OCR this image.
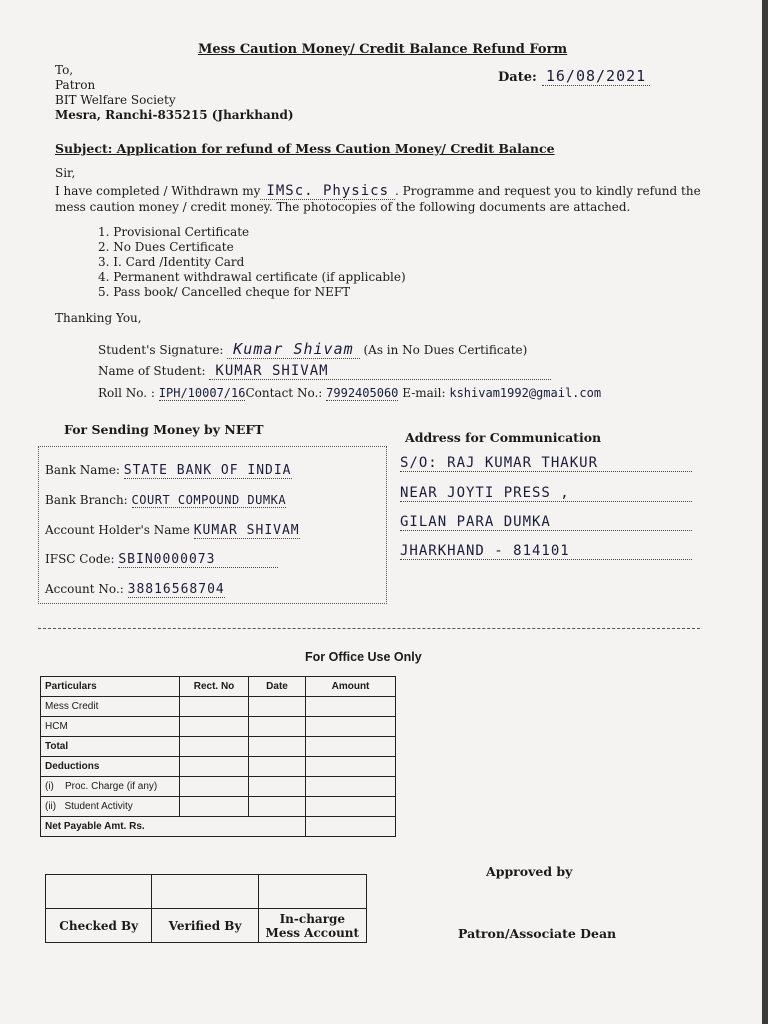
Mess Caution Money/ Credit Balance Refund Form
To,
Patron
BIT Welfare Society
Mesra, Ranchi-835215 (Jharkhand)
Date: 16/08/2021
Subject: Application for refund of Mess Caution Money/ Credit Balance
Sir,
I have completed / Withdrawn my IMSc. Physics . Programme and request you to kindly refund the
mess caution money / credit money. The photocopies of the following documents are attached.
1. Provisional Certificate
2. No Dues Certificate
3. I. Card /Identity Card
4. Permanent withdrawal certificate (if applicable)
5. Pass book/ Cancelled cheque for NEFT
Thanking You,
Student's Signature: Kumar Shivam (As in No Dues Certificate)
Name of Student: KUMAR SHIVAM
Roll No. : IPH/10007/16Contact No.: 7992405060 E-mail: kshivam1992@gmail.com
For Sending Money by NEFT
Bank Name: STATE BANK OF INDIA
Bank Branch: COURT COMPOUND DUMKA
Account Holder's Name KUMAR SHIVAM
IFSC Code: SBIN0000073
Account No.: 38816568704
Address for Communication
S/O: RAJ KUMAR THAKUR
NEAR JOYTI PRESS ,
GILAN PARA DUMKA
JHARKHAND - 814101
For Office Use Only
Particulars	Rect. No	Date	Amount
Mess Credit			
HCM			
Total			
Deductions			
(i)    Proc. Charge (if any)			
(ii)   Student Activity			
Net Payable Amt. Rs.			

Checked By	Verified By	In-charge Mess Account
Approved by
Patron/Associate Dean
